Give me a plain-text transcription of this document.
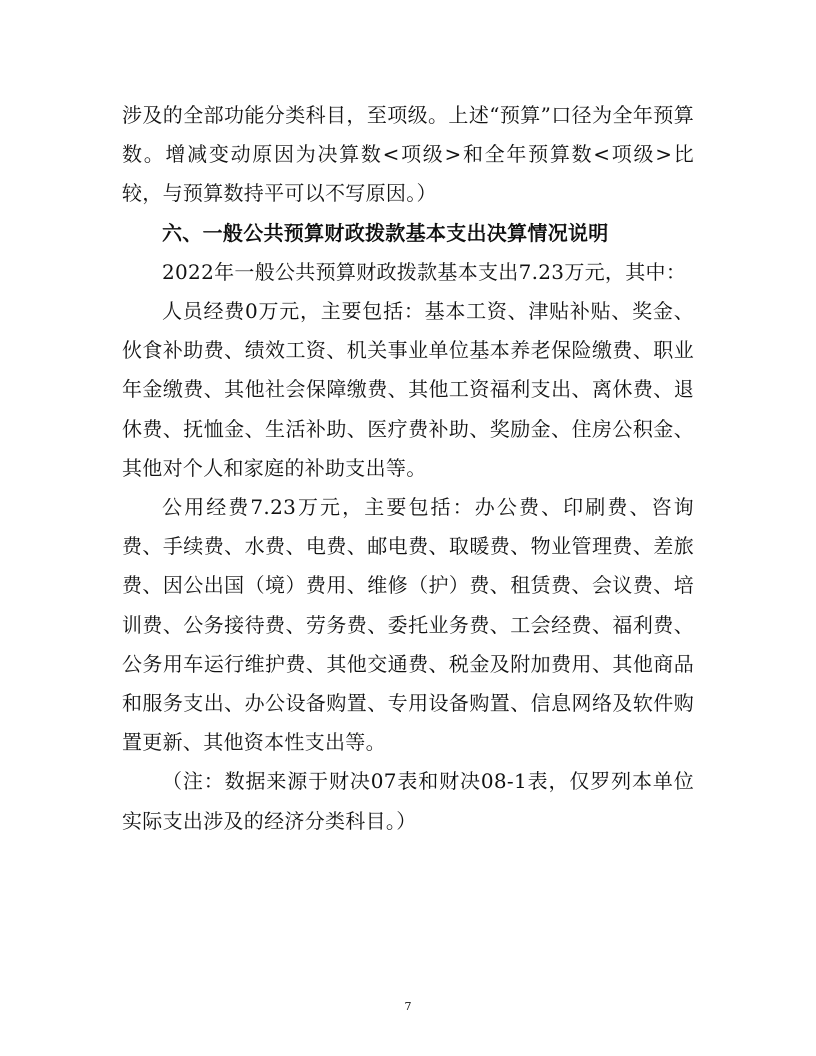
涉及的全部功能分类科目，至项级。上述“预算”口径为全年预算数。增减变动原因为决算数<项级>和全年预算数<项级>比较，与预算数持平可以不写原因。）

六、一般公共预算财政拨款基本支出决算情况说明

2022年一般公共预算财政拨款基本支出7.23万元，其中：

人员经费0万元，主要包括：基本工资、津贴补贴、奖金、伙食补助费、绩效工资、机关事业单位基本养老保险缴费、职业年金缴费、其他社会保障缴费、其他工资福利支出、离休费、退休费、抚恤金、生活补助、医疗费补助、奖励金、住房公积金、其他对个人和家庭的补助支出等。

公用经费7.23万元，主要包括：办公费、印刷费、咨询费、手续费、水费、电费、邮电费、取暖费、物业管理费、差旅费、因公出国（境）费用、维修（护）费、租赁费、会议费、培训费、公务接待费、劳务费、委托业务费、工会经费、福利费、公务用车运行维护费、其他交通费、税金及附加费用、其他商品和服务支出、办公设备购置、专用设备购置、信息网络及软件购置更新、其他资本性支出等。

（注：数据来源于财决07表和财决08-1表，仅罗列本单位实际支出涉及的经济分类科目。）

7
